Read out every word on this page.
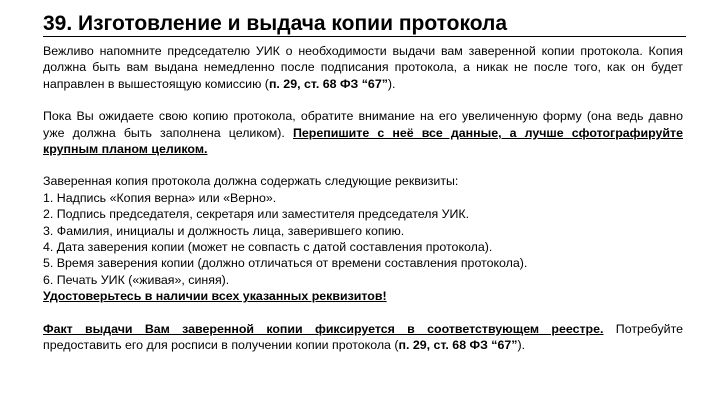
39. Изготовление и выдача копии протокола

Вежливо напомните председателю УИК о необходимости выдачи вам заверенной копии протокола. Копия должна быть вам выдана немедленно после подписания протокола, а никак не после того, как он будет направлен в вышестоящую комиссию (п. 29, ст. 68 ФЗ “67”).

Пока Вы ожидаете свою копию протокола, обратите внимание на его увеличенную форму (она ведь давно уже должна быть заполнена целиком). Перепишите с неё все данные, а лучше сфотографируйте крупным планом целиком.

Заверенная копия протокола должна содержать следующие реквизиты:

1. Надпись «Копия верна» или «Верно».
2. Подпись председателя, секретаря или заместителя председателя УИК.
3. Фамилия, инициалы и должность лица, заверившего копию.
4. Дата заверения копии (может не совпасть с датой составления протокола).
5. Время заверения копии (должно отличаться от времени составления протокола).
6. Печать УИК («живая», синяя).

Удостоверьтесь в наличии всех указанных реквизитов!

Факт выдачи Вам заверенной копии фиксируется в соответствующем реестре. Потребуйте предоставить его для росписи в получении копии протокола (п. 29, ст. 68 ФЗ “67”).
